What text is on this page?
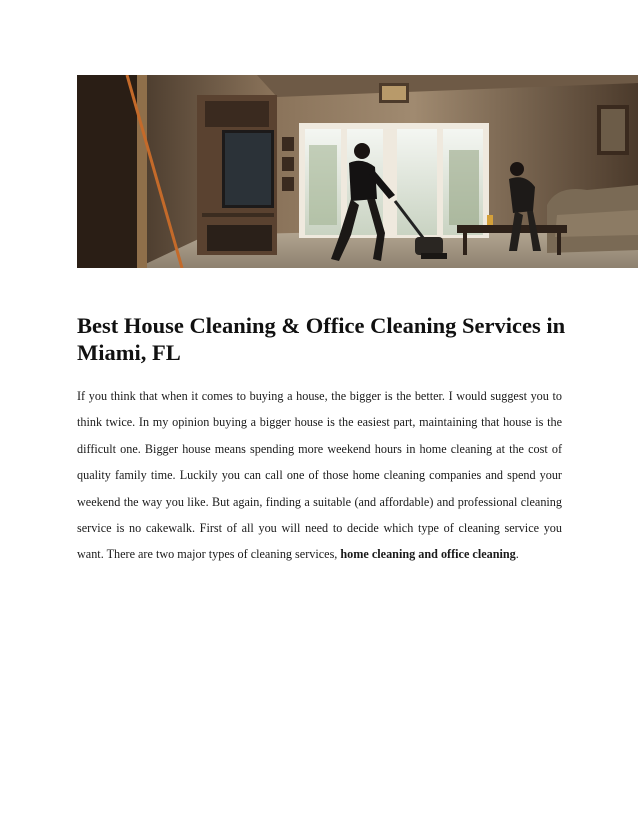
Best House Cleaning & Office Cleaning Services in Miami, FL

If you think that when it comes to buying a house, the bigger is the better. I would suggest you to think twice. In my opinion buying a bigger house is the easiest part, maintaining that house is the difficult one. Bigger house means spending more weekend hours in home cleaning at the cost of quality family time. Luckily you can call one of those home cleaning companies and spend your weekend the way you like. But again, finding a suitable (and affordable) and professional cleaning service is no cakewalk. First of all you will need to decide which type of cleaning service you want. There are two major types of cleaning services, home cleaning and office cleaning.
